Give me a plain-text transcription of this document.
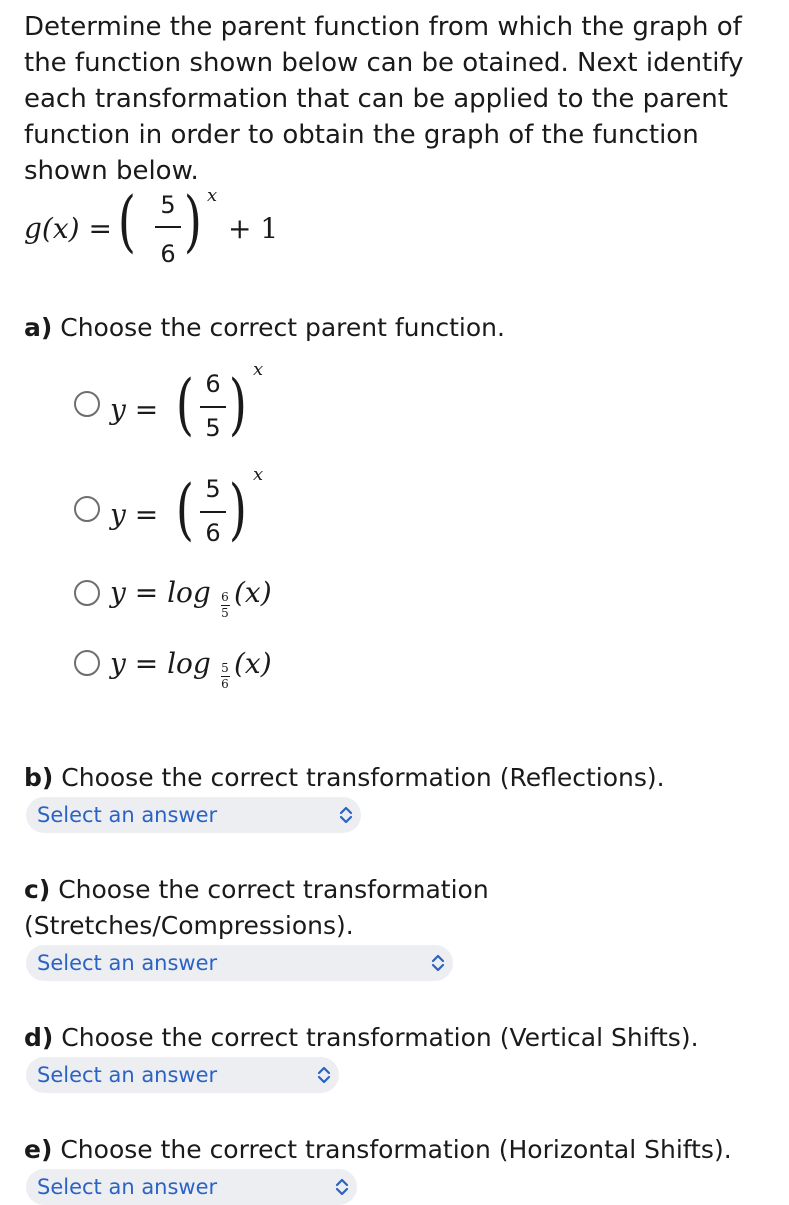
Determine the parent function from which the graph of the function shown below can be otained. Next identify each transformation that can be applied to the parent function in order to obtain the graph of the function shown below.
g(x) = (	5
6 ) x
+ 1
a) Choose the correct parent function.
y = ( 6
5 ) x
y = ( 5
6 ) x
y = log 6
5
(x)
y = log 5
6
(x)
b) Choose the correct transformation (Reflections).
Select an answer
c) Choose the correct transformation
(Stretches/Compressions).
Select an answer
d) Choose the correct transformation (Vertical Shifts).
Select an answer
e) Choose the correct transformation (Horizontal Shifts).
Select an answer
